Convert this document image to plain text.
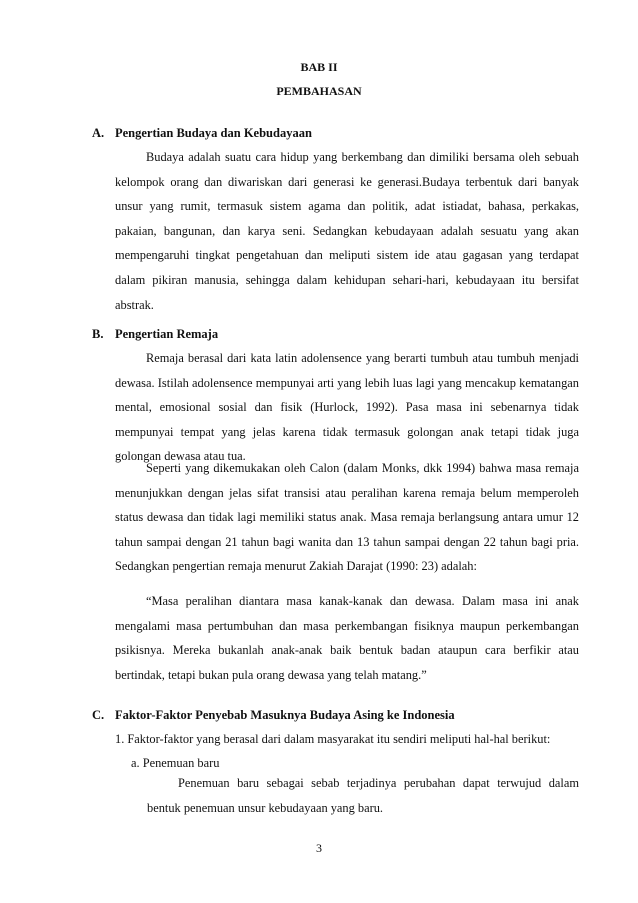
BAB II
PEMBAHASAN
A. Pengertian Budaya dan Kebudayaan

Budaya adalah suatu cara hidup yang berkembang dan dimiliki bersama oleh sebuah kelompok orang dan diwariskan dari generasi ke generasi.Budaya terbentuk dari banyak unsur yang rumit, termasuk sistem agama dan politik, adat istiadat, bahasa, perkakas, pakaian, bangunan, dan karya seni. Sedangkan kebudayaan adalah sesuatu yang akan mempengaruhi tingkat pengetahuan dan meliputi sistem ide atau gagasan yang terdapat dalam pikiran manusia, sehingga dalam kehidupan sehari-hari, kebudayaan itu bersifat abstrak.

B. Pengertian Remaja

Remaja berasal dari kata latin adolensence yang berarti tumbuh atau tumbuh menjadi dewasa. Istilah adolensence mempunyai arti yang lebih luas lagi yang mencakup kematangan mental, emosional sosial dan fisik (Hurlock, 1992). Pasa masa ini sebenarnya tidak mempunyai tempat yang jelas karena tidak termasuk golongan anak tetapi tidak juga golongan dewasa atau tua.

Seperti yang dikemukakan oleh Calon (dalam Monks, dkk 1994) bahwa masa remaja menunjukkan dengan jelas sifat transisi atau peralihan karena remaja belum memperoleh status dewasa dan tidak lagi memiliki status anak. Masa remaja berlangsung antara umur 12 tahun sampai dengan 21 tahun bagi wanita dan 13 tahun sampai dengan 22 tahun bagi pria. Sedangkan pengertian remaja menurut Zakiah Darajat (1990: 23) adalah:

“Masa peralihan diantara masa kanak-kanak dan dewasa. Dalam masa ini anak mengalami masa pertumbuhan dan masa perkembangan fisiknya maupun perkembangan psikisnya. Mereka bukanlah anak-anak baik bentuk badan ataupun cara berfikir atau bertindak, tetapi bukan pula orang dewasa yang telah matang.”

C. Faktor-Faktor Penyebab Masuknya Budaya Asing ke Indonesia
1. Faktor-faktor yang berasal dari dalam masyarakat itu sendiri meliputi hal-hal berikut:
a. Penemuan baru

Penemuan baru sebagai sebab terjadinya perubahan dapat terwujud dalam bentuk penemuan unsur kebudayaan yang baru.

3
